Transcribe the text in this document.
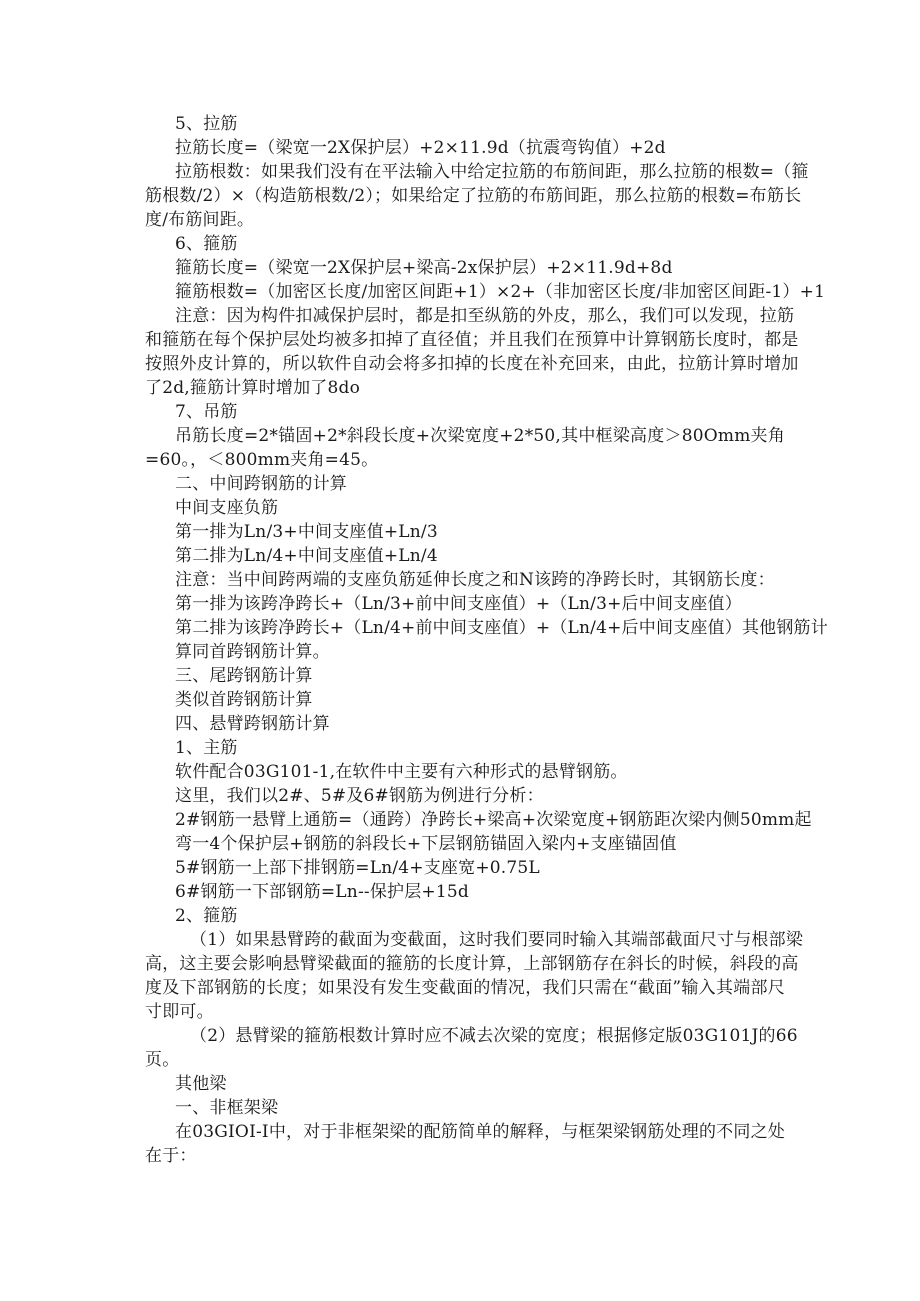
5、拉筋
拉筋长度=（梁宽一2X保护层）+2×11.9d（抗震弯钩值）+2d
拉筋根数：如果我们没有在平法输入中给定拉筋的布筋间距，那么拉筋的根数=（箍
筋根数/2）×（构造筋根数/2）；如果给定了拉筋的布筋间距，那么拉筋的根数=布筋长
度/布筋间距。
6、箍筋
箍筋长度=（梁宽一2X保护层+梁高-2x保护层）+2×11.9d+8d
箍筋根数=（加密区长度/加密区间距+1）×2+（非加密区长度/非加密区间距-1）+1
注意：因为构件扣减保护层时，都是扣至纵筋的外皮，那么，我们可以发现，拉筋
和箍筋在每个保护层处均被多扣掉了直径值；并且我们在预算中计算钢筋长度时，都是
按照外皮计算的，所以软件自动会将多扣掉的长度在补充回来，由此，拉筋计算时增加
了2d,箍筋计算时增加了8do
7、吊筋
吊筋长度=2*锚固+2*斜段长度+次梁宽度+2*50,其中框梁高度＞80Omm夹角
=60。，＜800mm夹角=45。
二、中间跨钢筋的计算
中间支座负筋
第一排为Ln/3+中间支座值+Ln/3
第二排为Ln/4+中间支座值+Ln/4
注意：当中间跨两端的支座负筋延伸长度之和N该跨的净跨长时，其钢筋长度：
第一排为该跨净跨长+（Ln/3+前中间支座值）+（Ln/3+后中间支座值）
第二排为该跨净跨长+（Ln/4+前中间支座值）+（Ln/4+后中间支座值）其他钢筋计
算同首跨钢筋计算。
三、尾跨钢筋计算
类似首跨钢筋计算
四、悬臂跨钢筋计算
1、主筋
软件配合03G101-1,在软件中主要有六种形式的悬臂钢筋。
这里，我们以2#、5#及6#钢筋为例进行分析：
2#钢筋一悬臂上通筋=（通跨）净跨长+梁高+次梁宽度+钢筋距次梁内侧50mm起
弯一4个保护层+钢筋的斜段长+下层钢筋锚固入梁内+支座锚固值
5#钢筋一上部下排钢筋=Ln/4+支座宽+0.75L
6#钢筋一下部钢筋=Ln--保护层+15d
2、箍筋
（1）如果悬臂跨的截面为变截面，这时我们要同时输入其端部截面尺寸与根部梁
高，这主要会影响悬臂梁截面的箍筋的长度计算，上部钢筋存在斜长的时候，斜段的高
度及下部钢筋的长度；如果没有发生变截面的情况，我们只需在“截面”输入其端部尺
寸即可。
（2）悬臂梁的箍筋根数计算时应不减去次梁的宽度；根据修定版03G101J的66
页。
其他梁
一、非框架梁
在03GIOI-I中，对于非框架梁的配筋简单的解释，与框架梁钢筋处理的不同之处
在于：
